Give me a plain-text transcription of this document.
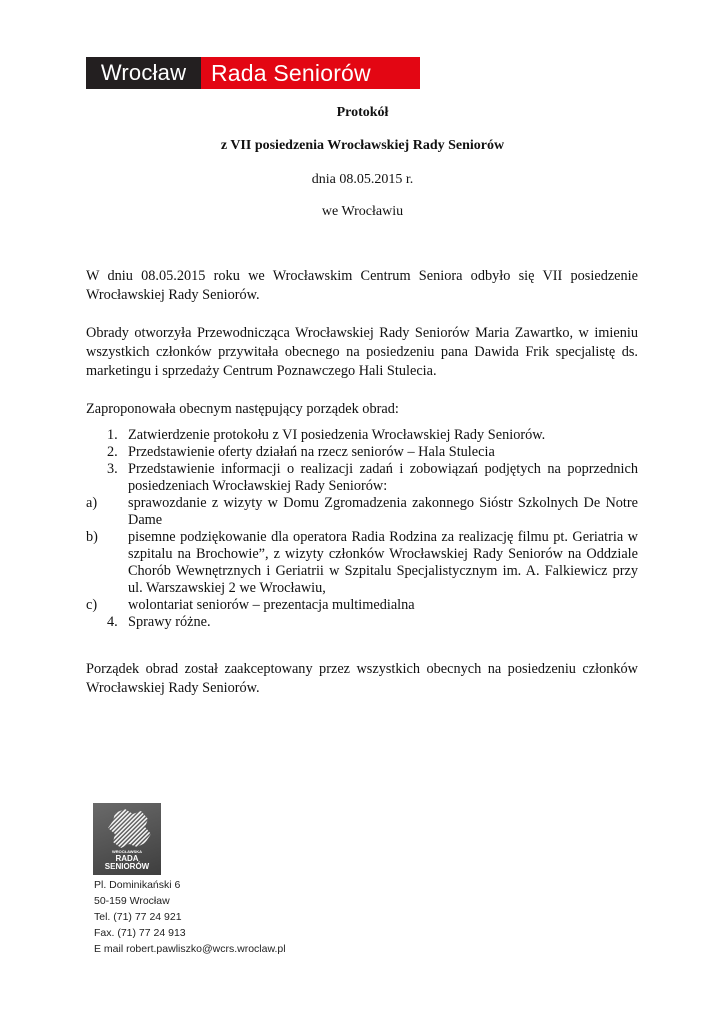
Wrocław	Rada Seniorów
Protokół
z VII posiedzenia Wrocławskiej Rady Seniorów
dnia 08.05.2015 r.
we Wrocławiu

W dniu 08.05.2015 roku we Wrocławskim Centrum Seniora odbyło się VII posiedzenie Wrocławskiej Rady Seniorów.

Obrady otworzyła Przewodnicząca Wrocławskiej Rady Seniorów Maria Zawartko, w imieniu wszystkich członków przywitała obecnego na posiedzeniu pana Dawida Frik specjalistę ds. marketingu i sprzedaży Centrum Poznawczego Hali Stulecia.

Zaproponowała obecnym następujący porządek obrad:

1. Zatwierdzenie protokołu z VI posiedzenia Wrocławskiej Rady Seniorów.
2. Przedstawienie oferty działań na rzecz seniorów – Hala Stulecia
3. Przedstawienie informacji o realizacji zadań i zobowiązań podjętych na poprzednich posiedzeniach Wrocławskiej Rady Seniorów:
a) sprawozdanie z wizyty w Domu Zgromadzenia zakonnego Sióstr Szkolnych De Notre Dame
b) pisemne podziękowanie dla operatora Radia Rodzina za realizację filmu pt. Geriatria w szpitalu na Brochowie”, z wizyty członków Wrocławskiej Rady Seniorów na Oddziale Chorób Wewnętrznych i Geriatrii w Szpitalu Specjalistycznym im. A. Falkiewicz przy ul. Warszawskiej 2 we Wrocławiu,
c) wolontariat seniorów – prezentacja multimedialna
4. Sprawy różne.

Porządek obrad został zaakceptowany przez wszystkich obecnych na posiedzeniu członków Wrocławskiej Rady Seniorów.

WROCŁAWSKA
RADA
SENIORÓW
Pl. Dominikański 6
50-159 Wrocław
Tel. (71) 77 24 921
Fax. (71) 77 24 913
E mail robert.pawliszko@wcrs.wroclaw.pl
